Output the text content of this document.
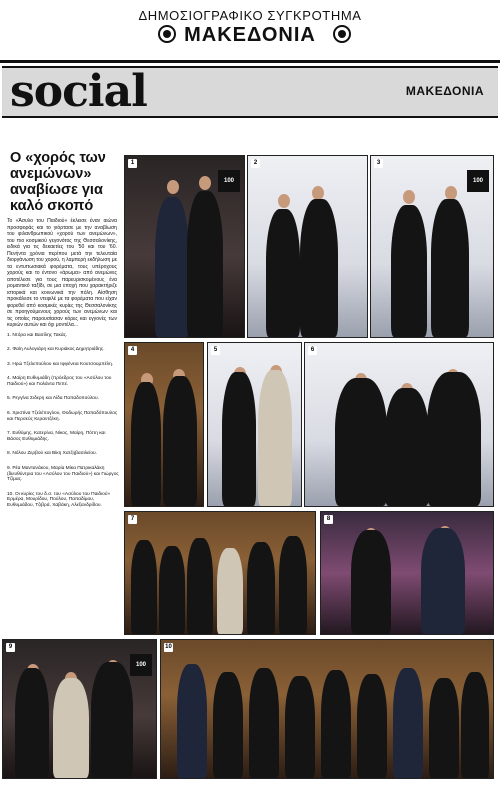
ΔΗΜΟΣΙΟΓΡΑΦΙΚΟ ΣΥΓΚΡΟΤΗΜΑ
ΜΑΚΕΔΟΝΙΑ
social	ΜΑΚΕΔΟΝΙΑ
Ο «χορός των ανεμώνων» αναβίωσε για καλό σκοπό

Το «Άσυλο του Παιδιού» έκλεισε έναν αιώνα προσφοράς και το γιόρτασε με την αναβίωση του φιλανθρωπικού «χορού των ανεμώνων», του πιο κοσμικού γεγονότος της Θεσσαλονίκης, ειδικά για τις δεκαετίες του '50 και του '60. Πενήντα χρόνια περίπου μετά την τελευταία διοργάνωση του χορού, η λαμπερή εκδήλωση με τα εντυπωσιακά φορέματα, τους υπέροχους χορούς και το έντονο «άρωμα» από ανεμώνες αποτέλεσε για τους παρευρισκομένους ένα ρομαντικό ταξίδι, σε μια εποχή που χαρακτήριζε ιστορικά και κοινωνικά την πόλη. Αίσθηση προκάλεσε το ντεφιλέ με τα φορέματα που είχαν φορεθεί από κοσμικές κυρίες της Θεσσαλονίκης σε προηγούμενους χορούς των ανεμώνων και τις οποίες παρουσίασαν κόρες και εγγονές των κυριών αυτών και όχι μοντέλα...

1. Ντόρα και Βασίλης Τακάς.
2. Φαίη Αυλογιάρη και Κυριάκος Δημητριάδης.
3. Ηρώ Τζελεπούλου και Ιφιγένεια Κουτσουμπέλη.
4. Μαίρη Ευθυμιάδη (πρόεδρος του «Ασύλου του Παιδιού») και Γιολάντα Πεπέ.
5. Ρεγγίνα Σιδερη και Λίδα Παπαδοπούλου.
6. Χριστίνα Τζελέπογλου, Θοδωρής Παπαδόπουλος και Περσεύς Κεραντζέκη.
7. Ευθύμης, Κατερίνα, Νίκος, Μαίρη, Πόπη και Βάσος Ευθυμιάδης.
8. Νόλου Ζερβού και Βίκη Χατζηβασιλείου.
9. Ρέα Μαντανάκου, Μαρία Μίκα Πατρικαλάκη (διευθύντρια του «Ασύλου του Παιδιού») και Γιώργος Τζίμας.
10. Οι κυρίες του δ.σ. του «Ασύλου του Παιδιού» Ερμέρα, Μουρίδου, Πούλου, Παπαδίμου, Ευθυμιάδου, Τζιβρά, Χαβάκη, Αλεξανδρίδου.
1
100
2	3
100
4	5	6
7	8
9
100
10
